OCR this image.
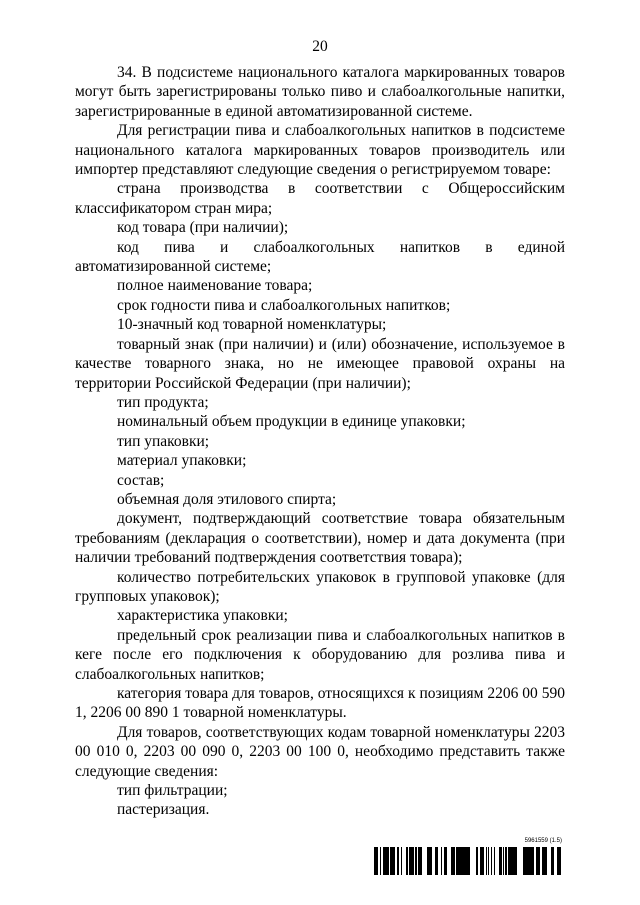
20

34. В подсистеме национального каталога маркированных товаров могут быть зарегистрированы только пиво и слабоалкогольные напитки, зарегистрированные в единой автоматизированной системе.

Для регистрации пива и слабоалкогольных напитков в подсистеме национального каталога маркированных товаров производитель или импортер представляют следующие сведения о регистрируемом товаре:

страна производства в соответствии с Общероссийским классификатором стран мира;

код товара (при наличии);

код пива и слабоалкогольных напитков в единой автоматизированной системе;

полное наименование товара;

срок годности пива и слабоалкогольных напитков;

10-значный код товарной номенклатуры;

товарный знак (при наличии) и (или) обозначение, используемое в качестве товарного знака, но не имеющее правовой охраны на территории Российской Федерации (при наличии);

тип продукта;

номинальный объем продукции в единице упаковки;

тип упаковки;

материал упаковки;

состав;

объемная доля этилового спирта;

документ, подтверждающий соответствие товара обязательным требованиям (декларация о соответствии), номер и дата документа (при наличии требований подтверждения соответствия товара);

количество потребительских упаковок в групповой упаковке (для групповых упаковок);

характеристика упаковки;

предельный срок реализации пива и слабоалкогольных напитков в кеге после его подключения к оборудованию для розлива пива и слабоалкогольных напитков;

категория товара для товаров, относящихся к позициям 2206 00 590 1, 2206 00 890 1 товарной номенклатуры.

Для товаров, соответствующих кодам товарной номенклатуры 2203 00 010 0, 2203 00 090 0, 2203 00 100 0, необходимо представить также следующие сведения:

тип фильтрации;

пастеризация.

5961559 (1.5)
